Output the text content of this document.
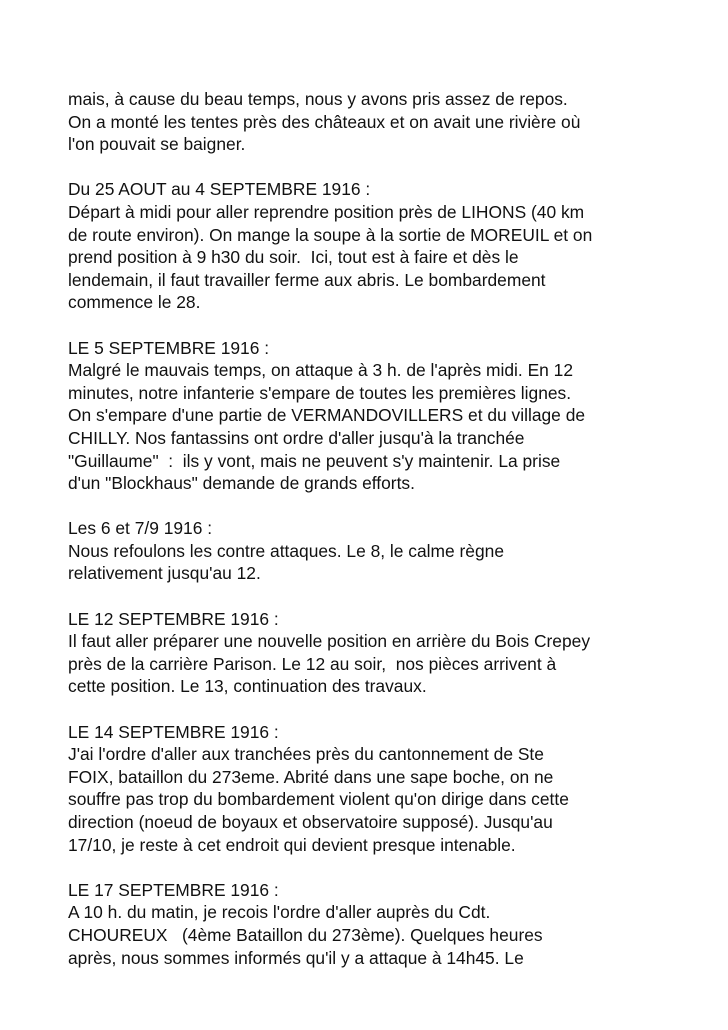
mais, à cause du beau temps, nous y avons pris assez de repos.
On a monté les tentes près des châteaux et on avait une rivière où
l'on pouvait se baigner.
Du 25 AOUT au 4 SEPTEMBRE 1916 :
Départ à midi pour aller reprendre position près de LIHONS (40 km
de route environ). On mange la soupe à la sortie de MOREUIL et on
prend position à 9 h30 du soir.  Ici, tout est à faire et dès le
lendemain, il faut travailler ferme aux abris. Le bombardement
commence le 28.
LE 5 SEPTEMBRE 1916 :
Malgré le mauvais temps, on attaque à 3 h. de l'après midi. En 12
minutes, notre infanterie s'empare de toutes les premières lignes.
On s'empare d'une partie de VERMANDOVILLERS et du village de
CHILLY. Nos fantassins ont ordre d'aller jusqu'à la tranchée
"Guillaume"  :  ils y vont, mais ne peuvent s'y maintenir. La prise
d'un "Blockhaus" demande de grands efforts.
Les 6 et 7/9 1916 :
Nous refoulons les contre attaques. Le 8, le calme règne
relativement jusqu'au 12.
LE 12 SEPTEMBRE 1916 :
Il faut aller préparer une nouvelle position en arrière du Bois Crepey
près de la carrière Parison. Le 12 au soir,  nos pièces arrivent à
cette position. Le 13, continuation des travaux.
LE 14 SEPTEMBRE 1916 :
J'ai l'ordre d'aller aux tranchées près du cantonnement de Ste
FOIX, bataillon du 273eme. Abrité dans une sape boche, on ne
souffre pas trop du bombardement violent qu'on dirige dans cette
direction (noeud de boyaux et observatoire supposé). Jusqu'au
17/10, je reste à cet endroit qui devient presque intenable.
LE 17 SEPTEMBRE 1916 :
A 10 h. du matin, je recois l'ordre d'aller auprès du Cdt.
CHOUREUX   (4ème Bataillon du 273ème). Quelques heures
après, nous sommes informés qu'il y a attaque à 14h45. Le
